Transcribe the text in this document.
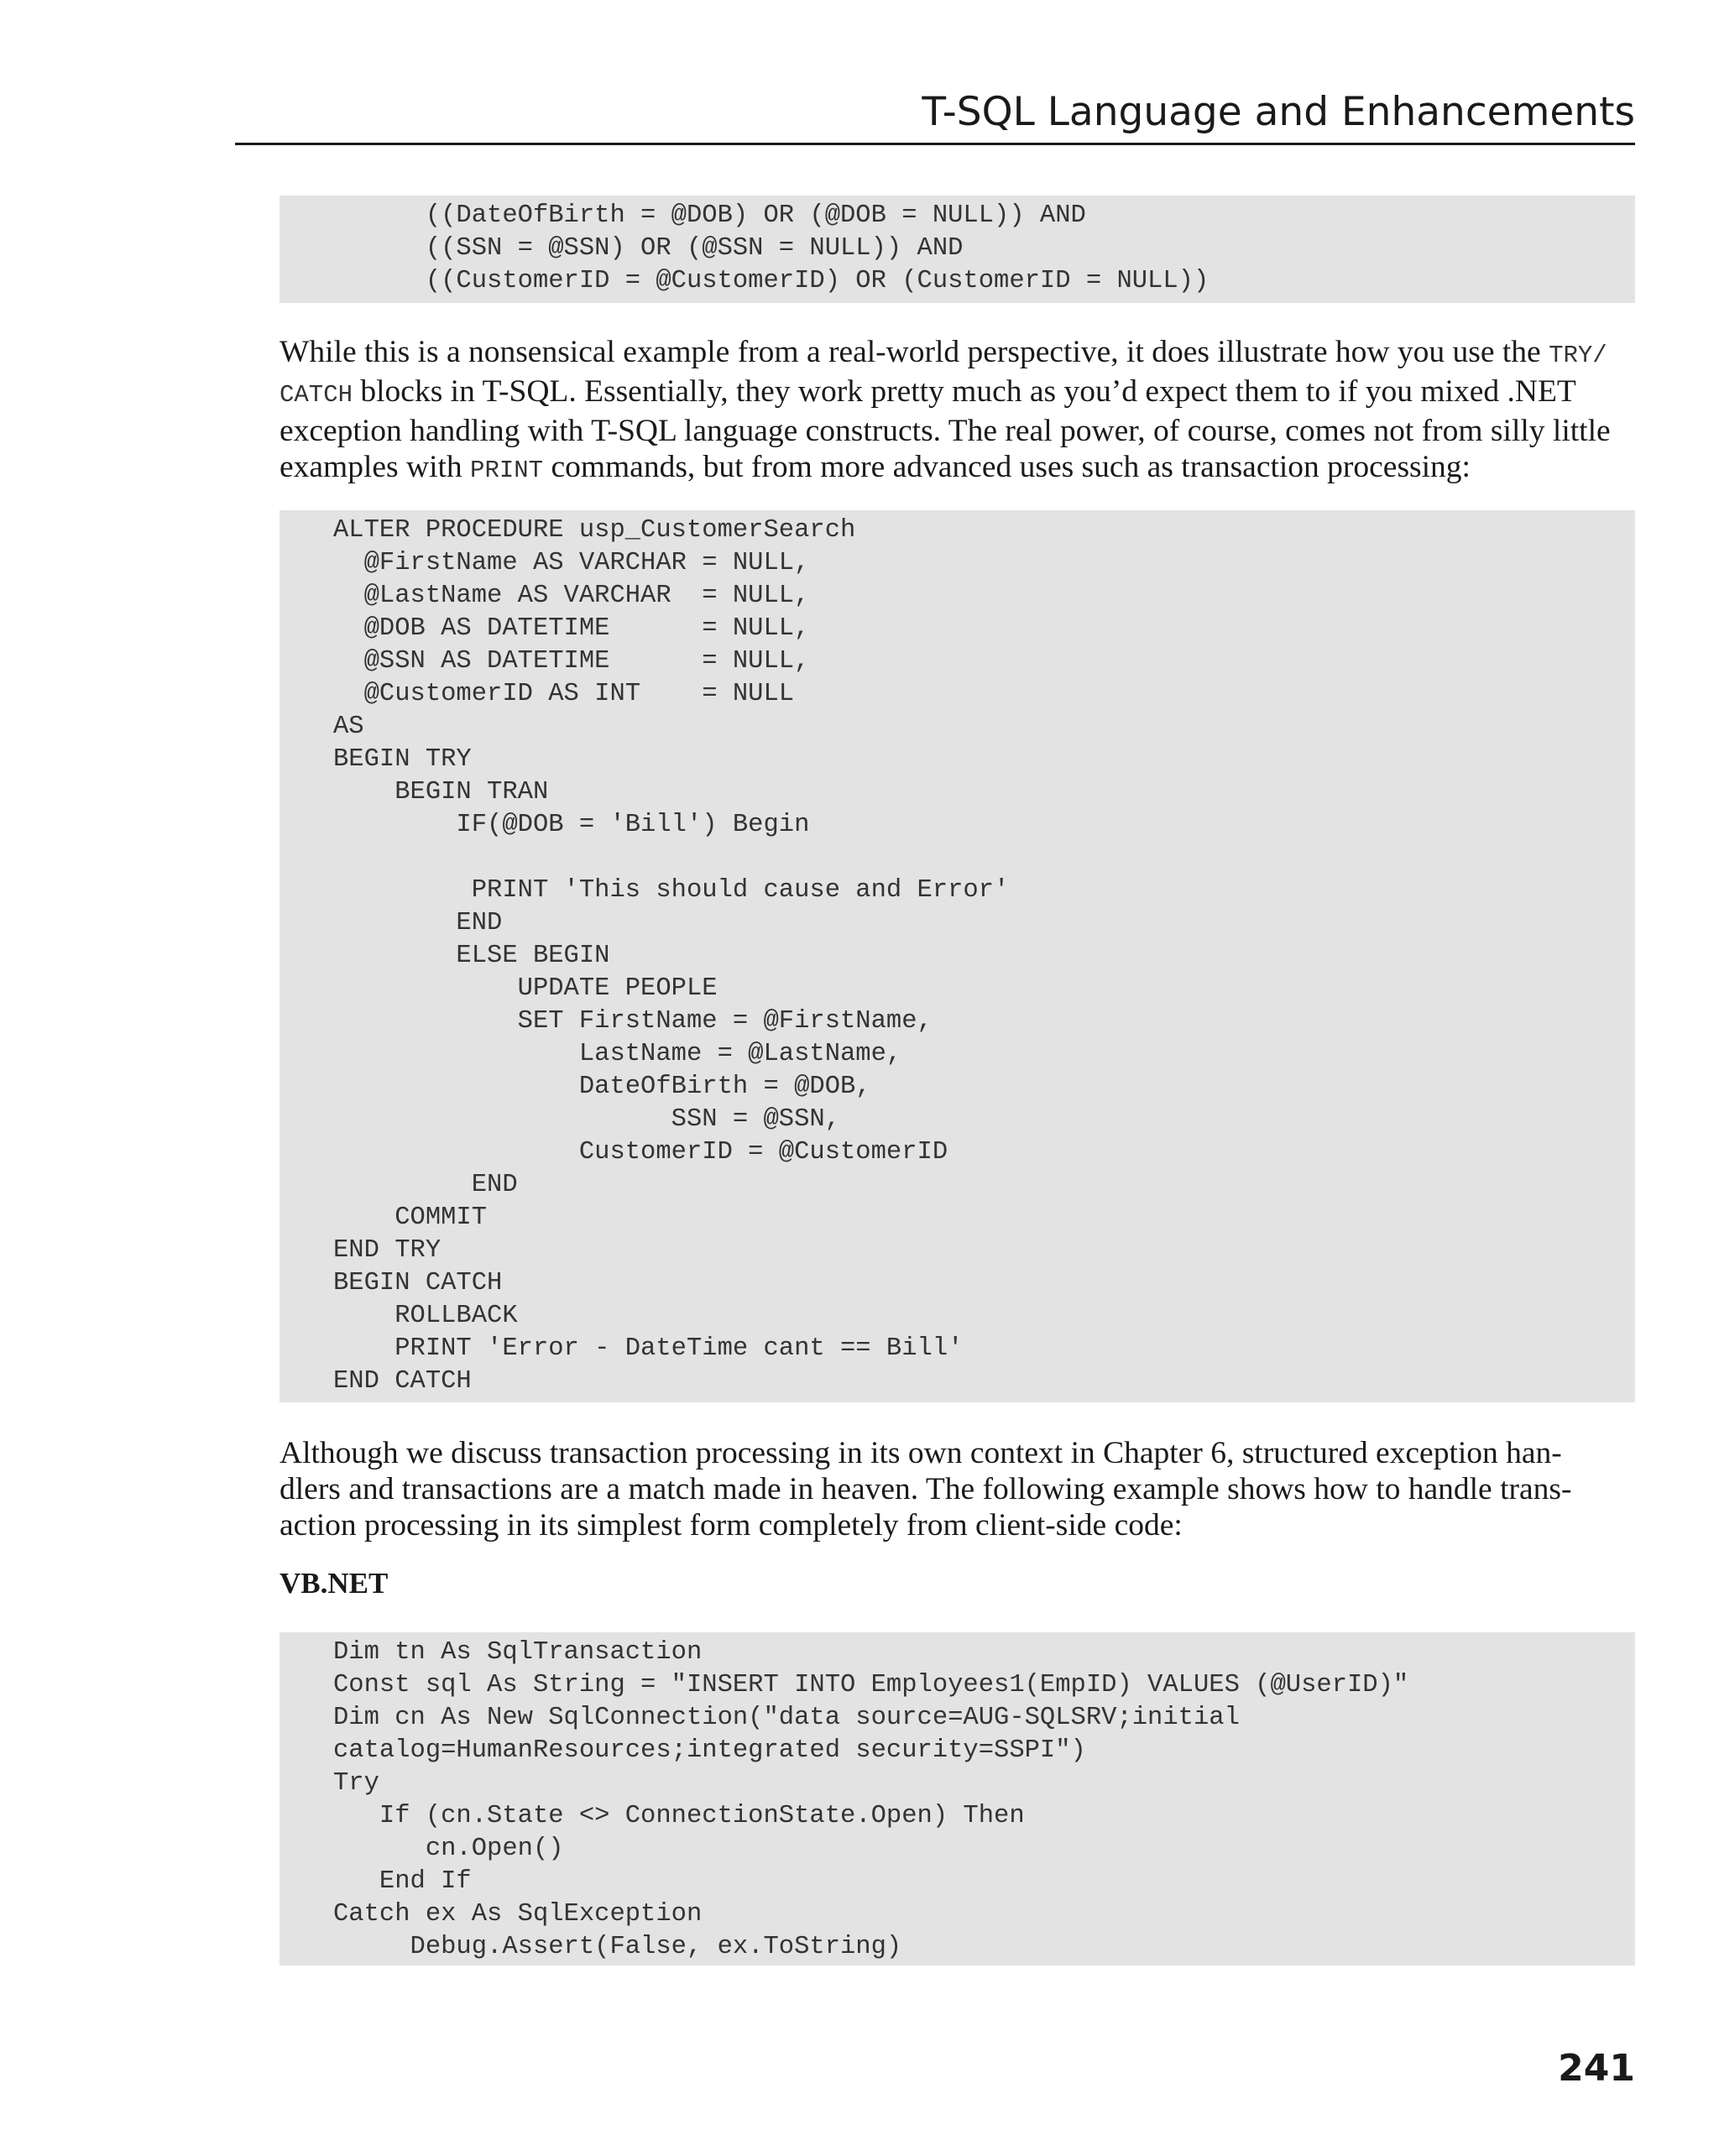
T-SQL Language and Enhancements
((DateOfBirth = @DOB) OR (@DOB = NULL)) AND
((SSN = @SSN) OR (@SSN = NULL)) AND
((CustomerID = @CustomerID) OR (CustomerID = NULL))
While this is a nonsensical example from a real-world perspective, it does illustrate how you use the TRY/
CATCH blocks in T-SQL. Essentially, they work pretty much as you’d expect them to if you mixed .NET
exception handling with T-SQL language constructs. The real power, of course, comes not from silly little
examples with PRINT commands, but from more advanced uses such as transaction processing:
ALTER PROCEDURE usp_CustomerSearch
@FirstName AS VARCHAR = NULL,
@LastName AS VARCHAR  = NULL,
@DOB AS DATETIME      = NULL,
@SSN AS DATETIME      = NULL,
@CustomerID AS INT    = NULL
AS
BEGIN TRY
BEGIN TRAN
IF(@DOB = 'Bill') Begin
PRINT 'This should cause and Error'
END
ELSE BEGIN
UPDATE PEOPLE
SET FirstName = @FirstName,
LastName = @LastName,
DateOfBirth = @DOB,
SSN = @SSN,
CustomerID = @CustomerID
END
COMMIT
END TRY
BEGIN CATCH
ROLLBACK
PRINT 'Error - DateTime cant == Bill'
END CATCH
Although we discuss transaction processing in its own context in Chapter 6, structured exception han-
dlers and transactions are a match made in heaven. The following example shows how to handle trans-
action processing in its simplest form completely from client-side code:
VB.NET
Dim tn As SqlTransaction
Const sql As String = "INSERT INTO Employees1(EmpID) VALUES (@UserID)"
Dim cn As New SqlConnection("data source=AUG-SQLSRV;initial
catalog=HumanResources;integrated security=SSPI")
Try
If (cn.State <> ConnectionState.Open) Then
cn.Open()
End If
Catch ex As SqlException
Debug.Assert(False, ex.ToString)
241
